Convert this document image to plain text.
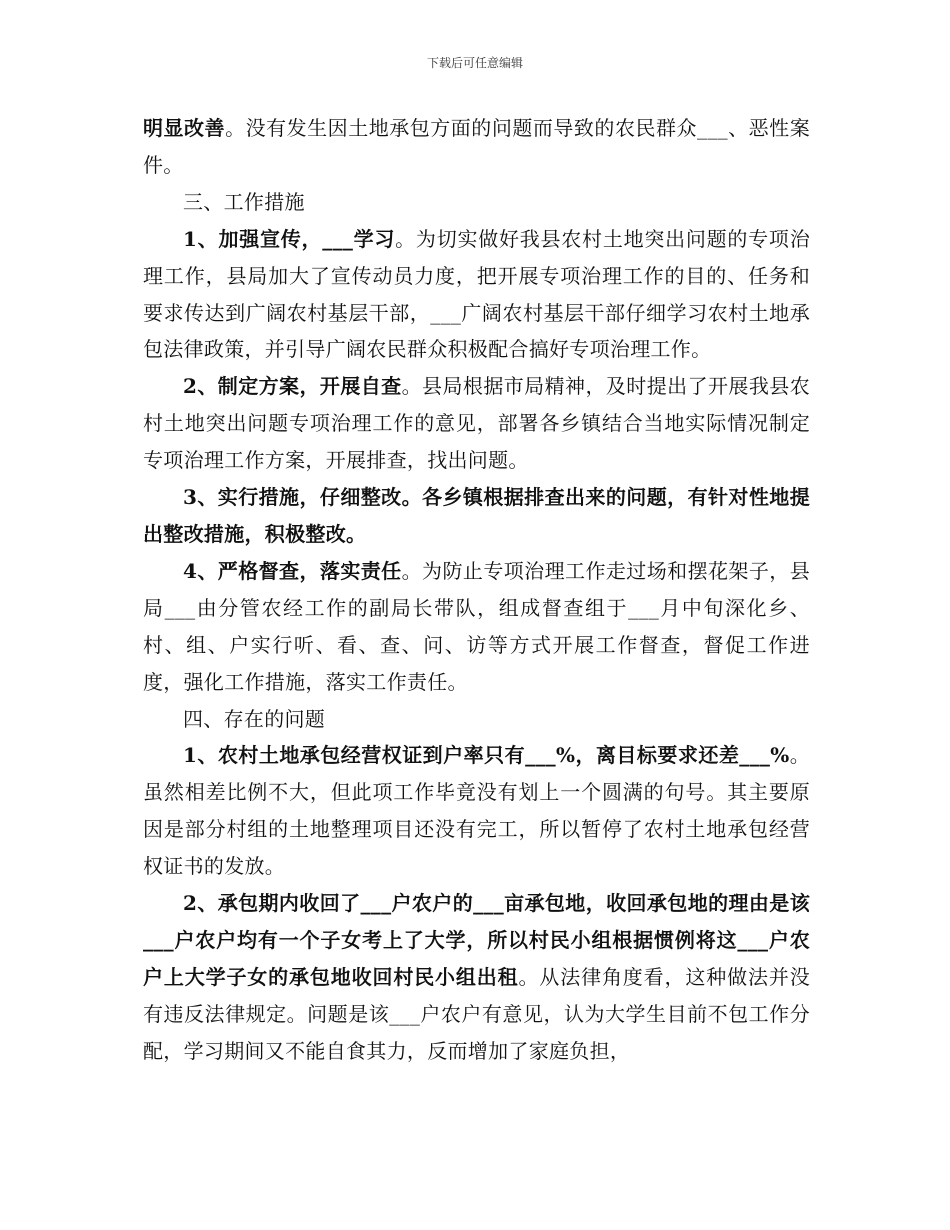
下载后可任意编辑

明显改善。没有发生因土地承包方面的问题而导致的农民群众___、恶性案件。

三、工作措施

1、加强宣传，___学习。为切实做好我县农村土地突出问题的专项治理工作，县局加大了宣传动员力度，把开展专项治理工作的目的、任务和要求传达到广阔农村基层干部，___广阔农村基层干部仔细学习农村土地承包法律政策，并引导广阔农民群众积极配合搞好专项治理工作。

2、制定方案，开展自查。县局根据市局精神，及时提出了开展我县农村土地突出问题专项治理工作的意见，部署各乡镇结合当地实际情况制定专项治理工作方案，开展排查，找出问题。

3、实行措施，仔细整改。各乡镇根据排查出来的问题，有针对性地提出整改措施，积极整改。

4、严格督查，落实责任。为防止专项治理工作走过场和摆花架子，县局___由分管农经工作的副局长带队，组成督查组于___月中旬深化乡、村、组、户实行听、看、查、问、访等方式开展工作督查，督促工作进度，强化工作措施，落实工作责任。

四、存在的问题

1、农村土地承包经营权证到户率只有___%，离目标要求还差___%。虽然相差比例不大，但此项工作毕竟没有划上一个圆满的句号。其主要原因是部分村组的土地整理项目还没有完工，所以暂停了农村土地承包经营权证书的发放。

2、承包期内收回了___户农户的___亩承包地，收回承包地的理由是该___户农户均有一个子女考上了大学，所以村民小组根据惯例将这___户农户上大学子女的承包地收回村民小组出租。从法律角度看，这种做法并没有违反法律规定。问题是该___户农户有意见，认为大学生目前不包工作分配，学习期间又不能自食其力，反而增加了家庭负担，
